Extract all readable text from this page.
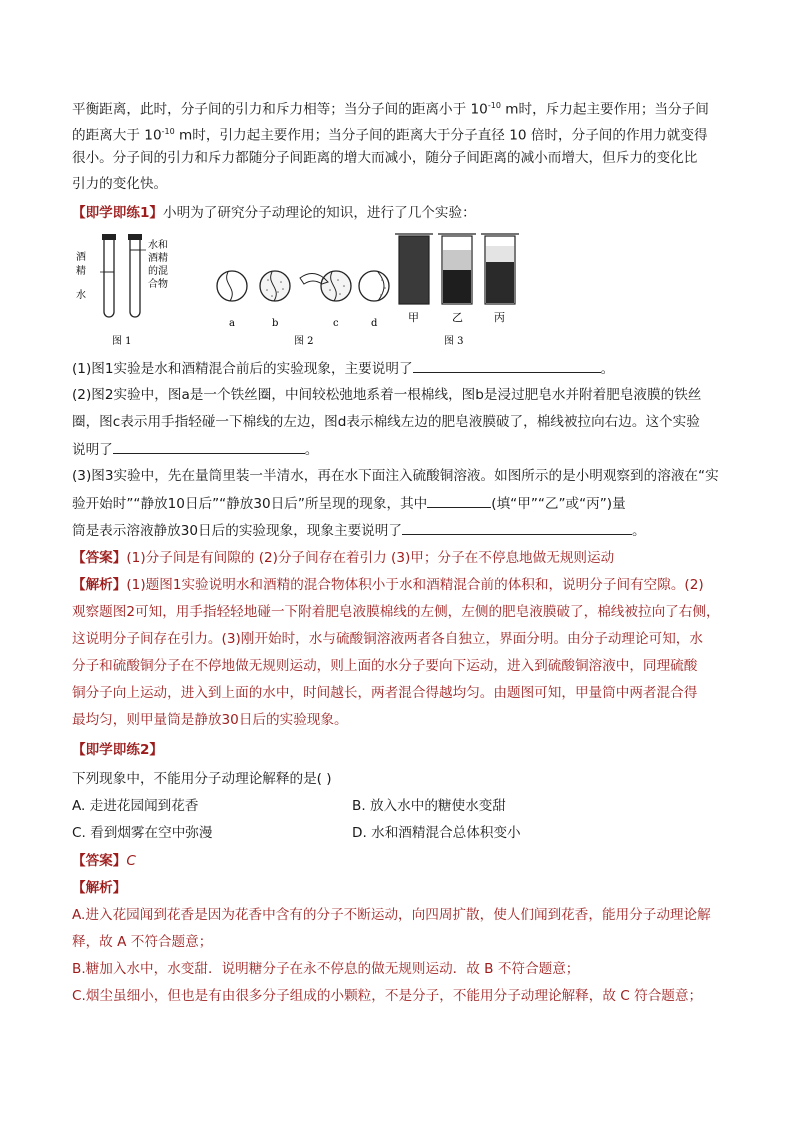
平衡距离，此时，分子间的引力和斥力相等；当分子间的距离小于 $10^{-10}$ m时，斥力起主要作用；当分子间
的距离大于 $10^{-10}$ m时，引力起主要作用；当分子间的距离大于分子直径 10 倍时，分子间的作用力就变得
很小。分子间的引力和斥力都随分子间距离的增大而减小，随分子间距离的减小而增大，但斥力的变化比
引力的变化快。
【即学即练1】小明为了研究分子动理论的知识，进行了几个实验：
酒
精
水
水和
酒精
的混
合物
图 1
a	b	c	d
图 2
甲	乙	丙
图 3
(1)图1实验是水和酒精混合前后的实验现象，主要说明了	。
(2)图2实验中，图a是一个铁丝圈，中间较松弛地系着一根棉线，图b是浸过肥皂水并附着肥皂液膜的铁丝
圈，图c表示用手指轻碰一下棉线的左边，图d表示棉线左边的肥皂液膜破了，棉线被拉向右边。这个实验
说明了	。
(3)图3实验中，先在量筒里装一半清水，再在水下面注入硫酸铜溶液。如图所示的是小明观察到的溶液在“实
验开始时”“静放10日后”“静放30日后”所呈现的现象，其中	(填“甲”“乙”或“丙”)量
筒是表示溶液静放30日后的实验现象，现象主要说明了	。
【答案】(1)分子间是有间隙的 (2)分子间存在着引力 (3)甲；分子在不停息地做无规则运动
【解析】(1)题图1实验说明水和酒精的混合物体积小于水和酒精混合前的体积和，说明分子间有空隙。(2)
观察题图2可知，用手指轻轻地碰一下附着肥皂液膜棉线的左侧，左侧的肥皂液膜破了，棉线被拉向了右侧，
这说明分子间存在引力。(3)刚开始时，水与硫酸铜溶液两者各自独立，界面分明。由分子动理论可知，水
分子和硫酸铜分子在不停地做无规则运动，则上面的水分子要向下运动，进入到硫酸铜溶液中，同理硫酸
铜分子向上运动，进入到上面的水中，时间越长，两者混合得越均匀。由题图可知，甲量筒中两者混合得
最均匀，则甲量筒是静放30日后的实验现象。
【即学即练2】
下列现象中，不能用分子动理论解释的是( )
A. 走进花园闻到花香	B. 放入水中的糖使水变甜
C. 看到烟雾在空中弥漫	D. 水和酒精混合总体积变小
【答案】C
【解析】
A.进入花园闻到花香是因为花香中含有的分子不断运动，向四周扩散，使人们闻到花香，能用分子动理论解
释，故 A 不符合题意；
B.糖加入水中，水变甜．说明糖分子在永不停息的做无规则运动．故 B 不符合题意；
C.烟尘虽细小，但也是有由很多分子组成的小颗粒，不是分子，不能用分子动理论解释，故 C 符合题意；
